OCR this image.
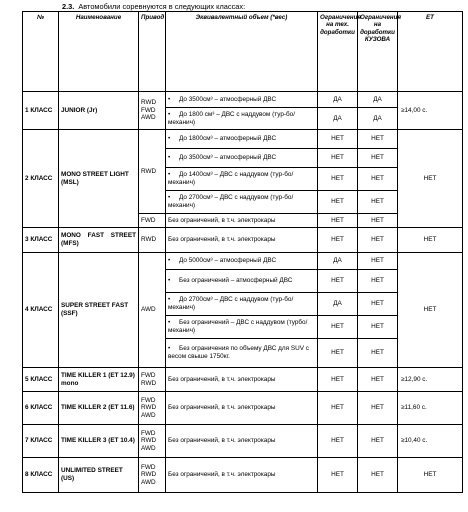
2.3. Автомобили соревнуются в следующих классах:
№	Наименование	Привод	Эквивалентный объем (*вес)	Ограничения на тех. доработки	Ограничения на доработки КУЗОВА	ET
1 КЛАСС	JUNIOR (Jr)	RWD
FWD
AWD	• До 3500см³ – атмосферный ДВС	ДА	ДА	≥14,00 с.
			• До 1800 см³ – ДВС с наддувом (тур-бо/механич)	ДА	ДА	
2 КЛАСС	MONO STREET LIGHT (MSL)	RWD	• До 1800см³ – атмосферный ДВС	НЕТ	НЕТ	НЕТ
			• До 3500см³ – атмосферный ДВС	НЕТ	НЕТ	
			• До 1400см³ – ДВС с наддувом (тур-бо/механич)	НЕТ	НЕТ	
			• До 2700см³ – ДВС с наддувом (тур-бо/механич)	НЕТ	НЕТ	
		FWD	Без ограничений, в т.ч. электрокары	НЕТ	НЕТ	
3 КЛАСС	MONO FAST STREET (MFS)	RWD	Без ограничений, в т.ч. электрокары	НЕТ	НЕТ	НЕТ
4 КЛАСС	SUPER STREET FAST (SSF)	AWD	• До 5000см³ – атмосферный ДВС	ДА	НЕТ	НЕТ
			• Без ограничений – атмосферный ДВС	НЕТ	НЕТ	
			• До 2700см³ – ДВС с наддувом (тур-бо/механич)	ДА	НЕТ	
			• Без ограничений – ДВС с наддувом (турбо/механич)	НЕТ	НЕТ	
			• Без ограничения по объему ДВС для SUV с весом свыше 1750кг.	НЕТ	НЕТ	
5 КЛАСС	TIME KILLER 1 (ET 12.9) mono	FWD
RWD	Без ограничений, в т.ч. электрокары	НЕТ	НЕТ	≥12,90 с.
6 КЛАСС	TIME KILLER 2 (ET 11.6)	FWD
RWD
AWD	Без ограничений, в т.ч. электрокары	НЕТ	НЕТ	≥11,60 с.
7 КЛАСС	TIME KILLER 3 (ET 10.4)	FWD
RWD
AWD	Без ограничений, в т.ч. электрокары	НЕТ	НЕТ	≥10,40 с.
8 КЛАСС	UNLIMITED STREET (US)	FWD
RWD
AWD	Без ограничений, в т.ч. электрокары	НЕТ	НЕТ	НЕТ
